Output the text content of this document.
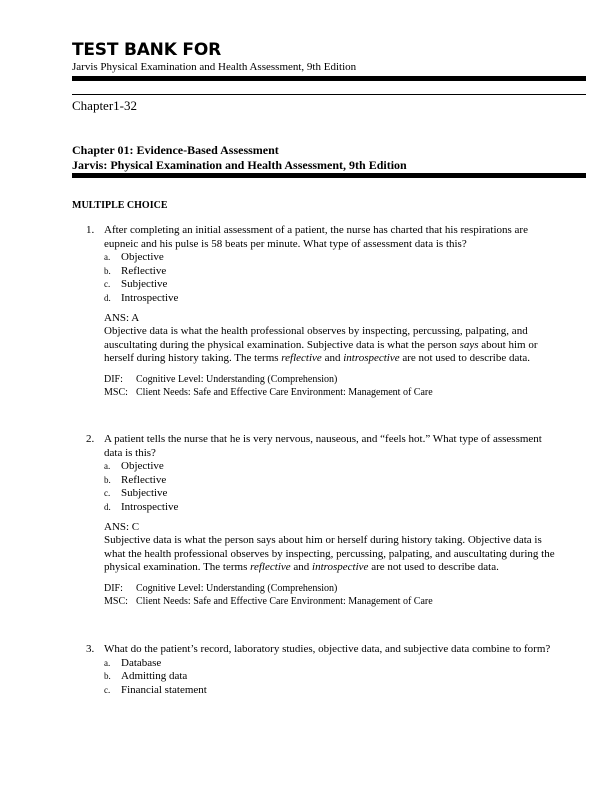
TEST BANK FOR
Jarvis Physical Examination and Health Assessment, 9th Edition
Chapter1-32
Chapter 01: Evidence-Based Assessment
Jarvis: Physical Examination and Health Assessment, 9th Edition
MULTIPLE CHOICE
1. After completing an initial assessment of a patient, the nurse has charted that his respirations are eupneic and his pulse is 58 beats per minute. What type of assessment data is this?
a. Objective
b. Reflective
c. Subjective
d. Introspective
ANS: A
Objective data is what the health professional observes by inspecting, percussing, palpating, and auscultating during the physical examination. Subjective data is what the person says about him or herself during history taking. The terms reflective and introspective are not used to describe data.
DIF: Cognitive Level: Understanding (Comprehension)
MSC: Client Needs: Safe and Effective Care Environment: Management of Care
2. A patient tells the nurse that he is very nervous, nauseous, and “feels hot.” What type of assessment data is this?
a. Objective
b. Reflective
c. Subjective
d. Introspective
ANS: C
Subjective data is what the person says about him or herself during history taking. Objective data is what the health professional observes by inspecting, percussing, palpating, and auscultating during the physical examination. The terms reflective and introspective are not used to describe data.
DIF: Cognitive Level: Understanding (Comprehension)
MSC: Client Needs: Safe and Effective Care Environment: Management of Care
3. What do the patient’s record, laboratory studies, objective data, and subjective data combine to form?
a. Database
b. Admitting data
c. Financial statement
